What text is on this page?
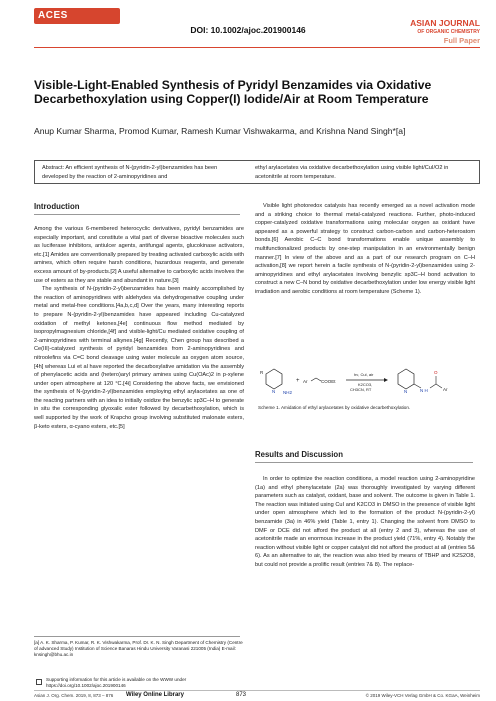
ACESAsian Chemical Editorial Society	DOI: 10.1002/ajoc.201900146
ASIAN JOURNAL
OF ORGANIC CHEMISTRY
Full Paper
Visible-Light-Enabled Synthesis of Pyridyl Benzamides via Oxidative Decarbethoxylation using Copper(I) Iodide/Air at Room Temperature
Anup Kumar Sharma, Promod Kumar, Ramesh Kumar Vishwakarma, and Krishna Nand Singh*[a]
Abstract: An efficient synthesis of N-(pyridin-2-yl)benzamides has been developed by the reaction of 2-aminopyridines and
ethyl arylacetates via oxidative decarbethoxylation using visible light/CuI/O2 in acetonitrile at room temperature.
Introduction

Among the various 6-membered heterocyclic derivatives, pyridyl benzamides are especially important, and constitute a vital part of diverse bioactive molecules such as luciferase inhibitors, antiulcer agents, antifungal agents, glucokinase activators, etc.[1] Amides are conventionally prepared by treating activated carboxylic acids with amines, which often require harsh conditions, hazardous reagents, and generate excess amount of by-products.[2] A useful alternative to carboxylic acids involves the use of esters as they are stable and abundant in nature.[3]

The synthesis of N-(pyridin-2-yl)benzamides has been mainly accomplished by the reaction of aminopyridines with aldehydes via dehydrogenative coupling under metal and metal-free conditions.[4a,b,c,d] Over the years, many interesting reports to prepare N-(pyridin-2-yl)benzamides have appeared including Cu-catalyzed oxidation of methyl ketones,[4e] continuous flow method mediated by isopropylmagnesium chloride,[4f] and visible-light/Cu mediated oxidative coupling of 2-aminopyridines with terminal alkynes.[4g] Recently, Chen group has described a Ce(III)-catalyzed synthesis of pyridyl benzamides from 2-aminopyridines and nitroolefins via C=C bond cleavage using water molecule as oxygen atom source,[4h] whereas Lui et al have reported the decarboxylative amidation via the assembly of phenylacetic acids and (hetero)aryl primary amines using Cu(OAc)2 in p-xylene under open atmosphere at 120 °C.[4i] Considering the above facts, we envisioned the synthesis of N-(pyridin-2-yl)benzamides employing ethyl arylacetates as one of the reacting partners with an idea to initially oxidize the benzylic sp3C–H to generate in situ the corresponding glyoxalic ester followed by decarbethoxylation, which is well supported by the work of Krapcho group involving substituted malonate esters, β-keto esters, α-cyano esters, etc.[5]

Visible light photoredox catalysis has recently emerged as a novel activation mode and a striking choice to thermal metal-catalyzed reactions. Further, photo-induced copper-catalyzed oxidative transformations using molecular oxygen as oxidant have appeared as a powerful strategy to construct carbon-carbon and carbon-heteroatom bonds.[6] Aerobic C–C bond transformations enable unique assembly to multifunctionalized products by one-step manipulation in an environmentally benign manner.[7] In view of the above and as a part of our research program on C–H activation,[8] we report herein a facile synthesis of N-(pyridin-2-yl)benzamides using 2-aminopyridines and ethyl arylacetates involving benzylic sp3C–H bond activation to construct a new C–N bond by oxidative decarbethoxylation under low energy visible light irradiation and aerobic conditions at room temperature (Scheme 1).

R
N NH2
+ Ar	COOEt
hν, CuI, air
K2CO3,
CH3CN, RT	N	N H
O
Ar
Scheme 1. Amidation of ethyl arylacetates by oxidative decarbethoxylation.
Results and Discussion

In order to optimize the reaction conditions, a model reaction using 2-aminopyridine (1a) and ethyl phenylacetate (2a) was thoroughly investigated by varying different parameters such as catalyst, oxidant, base and solvent. The outcome is given in Table 1. The reaction was initiated using CuI and K2CO3 in DMSO in the presence of visible light under open atmosphere which led to the formation of the product N-(pyridin-2-yl) benzamide (3a) in 46% yield (Table 1, entry 1). Changing the solvent from DMSO to DMF or DCE did not afford the product at all (entry 2 and 3), whereas the use of acetonitrile made an enormous increase in the product yield (71%, entry 4). Notably the reaction without visible light or copper catalyst did not afford the product at all (entries 5& 6). As an alternative to air, the reaction was also tried by means of TBHP and K2S2O8, but could not provide a prolific result (entries 7& 8). The replace-

[a] A. K. Sharma, P. Kumar, R. K. Vishwakarma, Prof. Dr. K. N. Singh Department of Chemistry (Centre of advanced Study) Institution of Science Banaras Hindu University Varanasi 221005 (India) E-mail: knsingh@bhu.ac.in
Supporting information for this article is available on the WWW under https://doi.org/10.1002/ajoc.201900146
Asian J. Org. Chem. 2019, 8, 873 – 876 Wiley Online Library	873	© 2019 Wiley-VCH Verlag GmbH & Co. KGaA, Weinheim
